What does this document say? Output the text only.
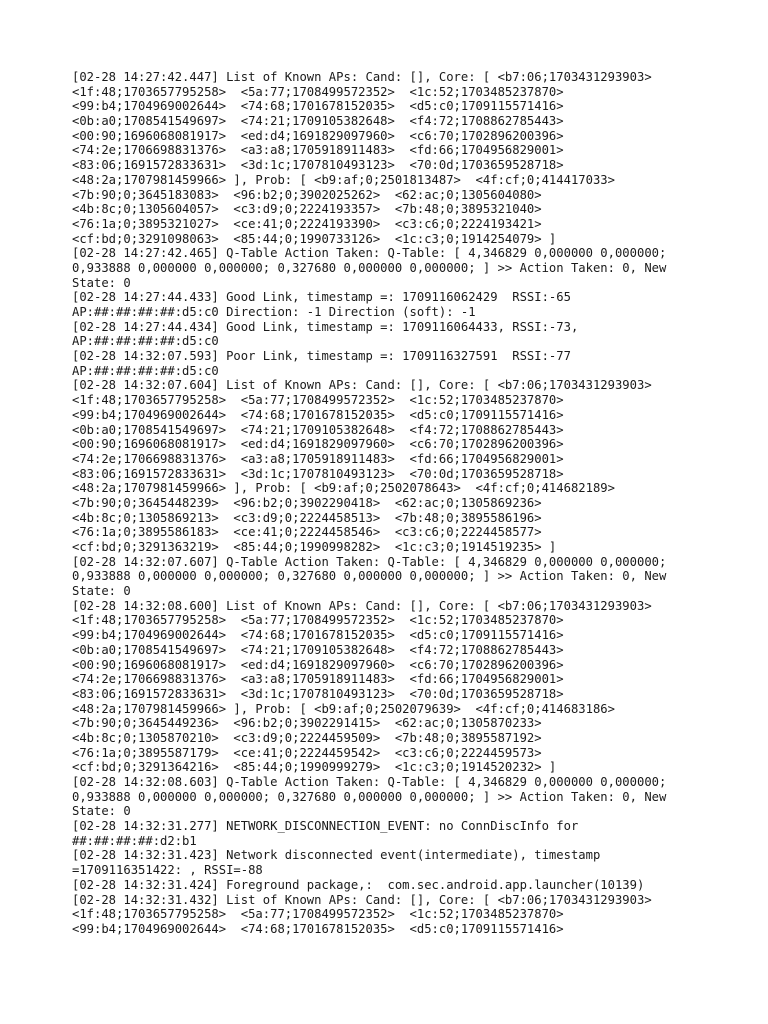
[02-28 14:27:42.447] List of Known APs: Cand: [], Core: [ <b7:06;1703431293903>
<1f:48;1703657795258>  <5a:77;1708499572352>  <1c:52;1703485237870>
<99:b4;1704969002644>  <74:68;1701678152035>  <d5:c0;1709115571416>
<0b:a0;1708541549697>  <74:21;1709105382648>  <f4:72;1708862785443>
<00:90;1696068081917>  <ed:d4;1691829097960>  <c6:70;1702896200396>
<74:2e;1706698831376>  <a3:a8;1705918911483>  <fd:66;1704956829001>
<83:06;1691572833631>  <3d:1c;1707810493123>  <70:0d;1703659528718>
<48:2a;1707981459966> ], Prob: [ <b9:af;0;2501813487>  <4f:cf;0;414417033>
<7b:90;0;3645183083>  <96:b2;0;3902025262>  <62:ac;0;1305604080>
<4b:8c;0;1305604057>  <c3:d9;0;2224193357>  <7b:48;0;3895321040>
<76:1a;0;3895321027>  <ce:41;0;2224193390>  <c3:c6;0;2224193421>
<cf:bd;0;3291098063>  <85:44;0;1990733126>  <1c:c3;0;1914254079> ]
[02-28 14:27:42.465] Q-Table Action Taken: Q-Table: [ 4,346829 0,000000 0,000000;
0,933888 0,000000 0,000000; 0,327680 0,000000 0,000000; ] >> Action Taken: 0, New
State: 0
[02-28 14:27:44.433] Good Link, timestamp =: 1709116062429  RSSI:-65
AP:##:##:##:##:d5:c0 Direction: -1 Direction (soft): -1
[02-28 14:27:44.434] Good Link, timestamp =: 1709116064433, RSSI:-73,
AP:##:##:##:##:d5:c0
[02-28 14:32:07.593] Poor Link, timestamp =: 1709116327591  RSSI:-77
AP:##:##:##:##:d5:c0
[02-28 14:32:07.604] List of Known APs: Cand: [], Core: [ <b7:06;1703431293903>
<1f:48;1703657795258>  <5a:77;1708499572352>  <1c:52;1703485237870>
<99:b4;1704969002644>  <74:68;1701678152035>  <d5:c0;1709115571416>
<0b:a0;1708541549697>  <74:21;1709105382648>  <f4:72;1708862785443>
<00:90;1696068081917>  <ed:d4;1691829097960>  <c6:70;1702896200396>
<74:2e;1706698831376>  <a3:a8;1705918911483>  <fd:66;1704956829001>
<83:06;1691572833631>  <3d:1c;1707810493123>  <70:0d;1703659528718>
<48:2a;1707981459966> ], Prob: [ <b9:af;0;2502078643>  <4f:cf;0;414682189>
<7b:90;0;3645448239>  <96:b2;0;3902290418>  <62:ac;0;1305869236>
<4b:8c;0;1305869213>  <c3:d9;0;2224458513>  <7b:48;0;3895586196>
<76:1a;0;3895586183>  <ce:41;0;2224458546>  <c3:c6;0;2224458577>
<cf:bd;0;3291363219>  <85:44;0;1990998282>  <1c:c3;0;1914519235> ]
[02-28 14:32:07.607] Q-Table Action Taken: Q-Table: [ 4,346829 0,000000 0,000000;
0,933888 0,000000 0,000000; 0,327680 0,000000 0,000000; ] >> Action Taken: 0, New
State: 0
[02-28 14:32:08.600] List of Known APs: Cand: [], Core: [ <b7:06;1703431293903>
<1f:48;1703657795258>  <5a:77;1708499572352>  <1c:52;1703485237870>
<99:b4;1704969002644>  <74:68;1701678152035>  <d5:c0;1709115571416>
<0b:a0;1708541549697>  <74:21;1709105382648>  <f4:72;1708862785443>
<00:90;1696068081917>  <ed:d4;1691829097960>  <c6:70;1702896200396>
<74:2e;1706698831376>  <a3:a8;1705918911483>  <fd:66;1704956829001>
<83:06;1691572833631>  <3d:1c;1707810493123>  <70:0d;1703659528718>
<48:2a;1707981459966> ], Prob: [ <b9:af;0;2502079639>  <4f:cf;0;414683186>
<7b:90;0;3645449236>  <96:b2;0;3902291415>  <62:ac;0;1305870233>
<4b:8c;0;1305870210>  <c3:d9;0;2224459509>  <7b:48;0;3895587192>
<76:1a;0;3895587179>  <ce:41;0;2224459542>  <c3:c6;0;2224459573>
<cf:bd;0;3291364216>  <85:44;0;1990999279>  <1c:c3;0;1914520232> ]
[02-28 14:32:08.603] Q-Table Action Taken: Q-Table: [ 4,346829 0,000000 0,000000;
0,933888 0,000000 0,000000; 0,327680 0,000000 0,000000; ] >> Action Taken: 0, New
State: 0
[02-28 14:32:31.277] NETWORK_DISCONNECTION_EVENT: no ConnDiscInfo for
##:##:##:##:d2:b1
[02-28 14:32:31.423] Network disconnected event(intermediate), timestamp
=1709116351422: , RSSI=-88
[02-28 14:32:31.424] Foreground package,:  com.sec.android.app.launcher(10139)
[02-28 14:32:31.432] List of Known APs: Cand: [], Core: [ <b7:06;1703431293903>
<1f:48;1703657795258>  <5a:77;1708499572352>  <1c:52;1703485237870>
<99:b4;1704969002644>  <74:68;1701678152035>  <d5:c0;1709115571416>
